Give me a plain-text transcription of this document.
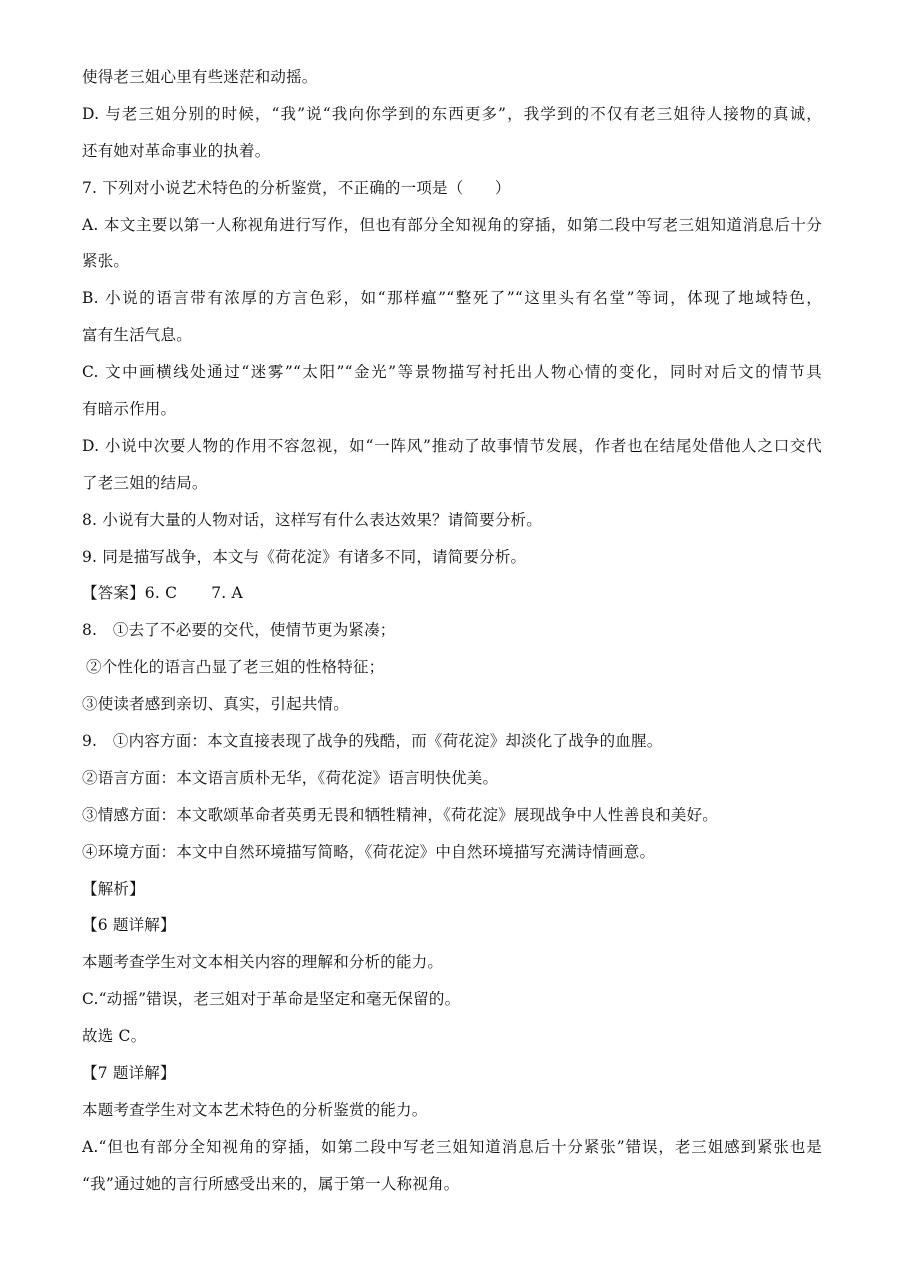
使得老三姐心里有些迷茫和动摇。
D. 与老三姐分别的时候，“我”说“我向你学到的东西更多”，我学到的不仅有老三姐待人接物的真诚，
还有她对革命事业的执着。
7. 下列对小说艺术特色的分析鉴赏，不正确的一项是（　　）
A. 本文主要以第一人称视角进行写作，但也有部分全知视角的穿插，如第二段中写老三姐知道消息后十分
紧张。
B. 小说的语言带有浓厚的方言色彩，如“那样瘟”“整死了”“这里头有名堂”等词，体现了地域特色，
富有生活气息。
C. 文中画横线处通过“迷雾”“太阳”“金光”等景物描写衬托出人物心情的变化，同时对后文的情节具
有暗示作用。
D. 小说中次要人物的作用不容忽视，如“一阵风”推动了故事情节发展，作者也在结尾处借他人之口交代
了老三姐的结局。
8. 小说有大量的人物对话，这样写有什么表达效果？请简要分析。
9. 同是描写战争，本文与《荷花淀》有诸多不同，请简要分析。
【答案】6. C 7. A
8.　①去了不必要的交代，使情节更为紧凑；
②个性化的语言凸显了老三姐的性格特征；
③使读者感到亲切、真实，引起共情。
9.　①内容方面：本文直接表现了战争的残酷，而《荷花淀》却淡化了战争的血腥。
②语言方面：本文语言质朴无华，《荷花淀》语言明快优美。
③情感方面：本文歌颂革命者英勇无畏和牺牲精神，《荷花淀》展现战争中人性善良和美好。
④环境方面：本文中自然环境描写简略，《荷花淀》中自然环境描写充满诗情画意。
【解析】
【6 题详解】
本题考查学生对文本相关内容的理解和分析的能力。
C.“动摇”错误，老三姐对于革命是坚定和毫无保留的。
故选 C。
【7 题详解】
本题考查学生对文本艺术特色的分析鉴赏的能力。
A.“但也有部分全知视角的穿插，如第二段中写老三姐知道消息后十分紧张”错误，老三姐感到紧张也是
“我”通过她的言行所感受出来的，属于第一人称视角。
